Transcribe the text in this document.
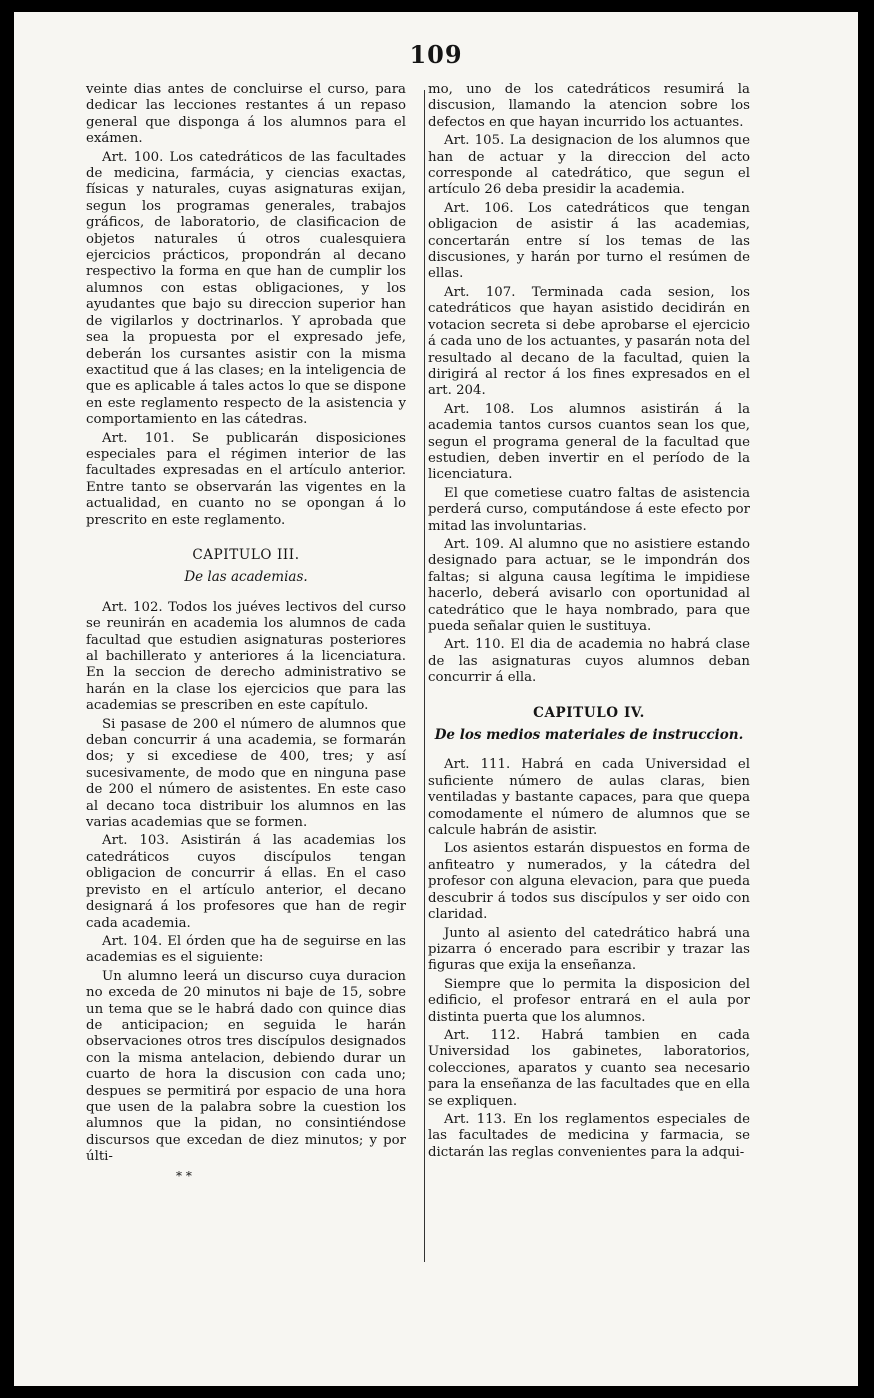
109

veinte dias antes de concluirse el curso, para dedicar las lecciones restantes á un repaso general que disponga á los alumnos para el exámen.

Art. 100. Los catedráticos de las facultades de medicina, farmácia, y ciencias exactas, físicas y naturales, cuyas asignaturas exijan, segun los programas generales, trabajos gráficos, de laboratorio, de clasificacion de objetos naturales ú otros cualesquiera ejercicios prácticos, propondrán al decano respectivo la forma en que han de cumplir los alumnos con estas obligaciones, y los ayudantes que bajo su direccion superior han de vigilarlos y doctrinarlos. Y aprobada que sea la propuesta por el expresado jefe, deberán los cursantes asistir con la misma exactitud que á las clases; en la inteligencia de que es aplicable á tales actos lo que se dispone en este reglamento respecto de la asistencia y comportamiento en las cátedras.

Art. 101. Se publicarán disposiciones especiales para el régimen interior de las facultades expresadas en el artículo anterior. Entre tanto se observarán las vigentes en la actualidad, en cuanto no se opongan á lo prescrito en este reglamento.

CAPITULO III.
De las academias.

Art. 102. Todos los juéves lectivos del curso se reunirán en academia los alumnos de cada facultad que estudien asignaturas posteriores al bachillerato y anteriores á la licenciatura. En la seccion de derecho administrativo se harán en la clase los ejercicios que para las academias se prescriben en este capítulo.

Si pasase de 200 el número de alumnos que deban concurrir á una academia, se formarán dos; y si excediese de 400, tres; y así sucesivamente, de modo que en ninguna pase de 200 el número de asistentes. En este caso al decano toca distribuir los alumnos en las varias academias que se formen.

Art. 103. Asistirán á las academias los catedráticos cuyos discípulos tengan obligacion de concurrir á ellas. En el caso previsto en el artículo anterior, el decano designará á los profesores que han de regir cada academia.

Art. 104. El órden que ha de seguirse en las academias es el siguiente:

Un alumno leerá un discurso cuya duracion no exceda de 20 minutos ni baje de 15, sobre un tema que se le habrá dado con quince dias de anticipacion; en seguida le harán observaciones otros tres discípulos designados con la misma antelacion, debiendo durar un cuarto de hora la discusion con cada uno; despues se permitirá por espacio de una hora que usen de la palabra sobre la cuestion los alumnos que la pidan, no consintiéndose discursos que excedan de diez minutos; y por últi-

* *

mo, uno de los catedráticos resumirá la discusion, llamando la atencion sobre los defectos en que hayan incurrido los actuantes.

Art. 105. La designacion de los alumnos que han de actuar y la direccion del acto corresponde al catedrático, que segun el artículo 26 deba presidir la academia.

Art. 106. Los catedráticos que tengan obligacion de asistir á las academias, concertarán entre sí los temas de las discusiones, y harán por turno el resúmen de ellas.

Art. 107. Terminada cada sesion, los catedráticos que hayan asistido decidirán en votacion secreta si debe aprobarse el ejercicio á cada uno de los actuantes, y pasarán nota del resultado al decano de la facultad, quien la dirigirá al rector á los fines expresados en el art. 204.

Art. 108. Los alumnos asistirán á la academia tantos cursos cuantos sean los que, segun el programa general de la facultad que estudien, deben invertir en el período de la licenciatura.

El que cometiese cuatro faltas de asistencia perderá curso, computándose á este efecto por mitad las involuntarias.

Art. 109. Al alumno que no asistiere estando designado para actuar, se le impondrán dos faltas; si alguna causa legítima le impidiese hacerlo, deberá avisarlo con oportunidad al catedrático que le haya nombrado, para que pueda señalar quien le sustituya.

Art. 110. El dia de academia no habrá clase de las asignaturas cuyos alumnos deban concurrir á ella.

CAPITULO IV.
De los medios materiales de instruccion.

Art. 111. Habrá en cada Universidad el suficiente número de aulas claras, bien ventiladas y bastante capaces, para que quepa comodamente el número de alumnos que se calcule habrán de asistir.

Los asientos estarán dispuestos en forma de anfiteatro y numerados, y la cátedra del profesor con alguna elevacion, para que pueda descubrir á todos sus discípulos y ser oido con claridad.

Junto al asiento del catedrático habrá una pizarra ó encerado para escribir y trazar las figuras que exija la enseñanza.

Siempre que lo permita la disposicion del edificio, el profesor entrará en el aula por distinta puerta que los alumnos.

Art. 112. Habrá tambien en cada Universidad los gabinetes, laboratorios, colecciones, aparatos y cuanto sea necesario para la enseñanza de las facultades que en ella se expliquen.

Art. 113. En los reglamentos especiales de las facultades de medicina y farmacia, se dictarán las reglas convenientes para la adqui-
